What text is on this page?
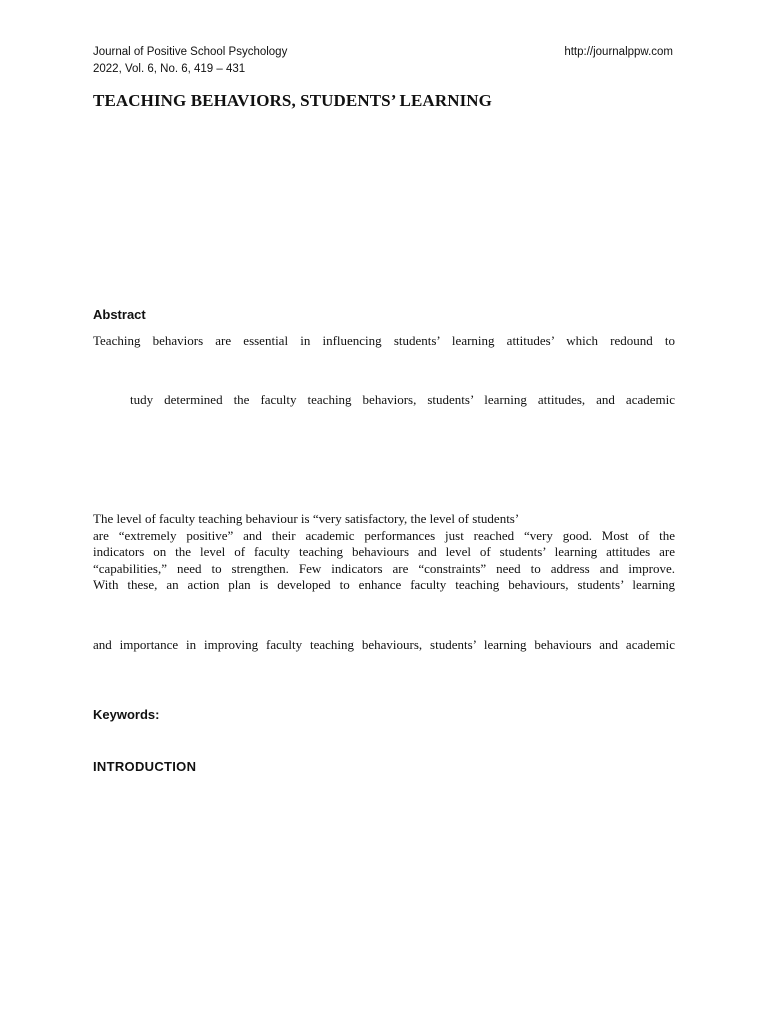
Journal of Positive School Psychology
2022, Vol. 6, No. 6, 419 – 431
http://journalppw.com
TEACHING BEHAVIORS, STUDENTS’ LEARNING
Abstract
Teaching behaviors are essential in influencing students’ learning attitudes’ which redound to
tudy determined the faculty teaching behaviors, students’ learning attitudes, and academic
The level of faculty teaching behaviour is “very satisfactory, the level of students’
are “extremely positive” and their academic performances just reached “very good. Most of the
indicators on the level of faculty teaching behaviours and level of students’ learning attitudes are
“capabilities,” need to strengthen. Few indicators are “constraints” need to address and improve.
With these, an action plan is developed to enhance faculty teaching behaviours, students’ learning
and importance in improving faculty teaching behaviours, students’ learning behaviours and academic
Keywords:
INTRODUCTION
